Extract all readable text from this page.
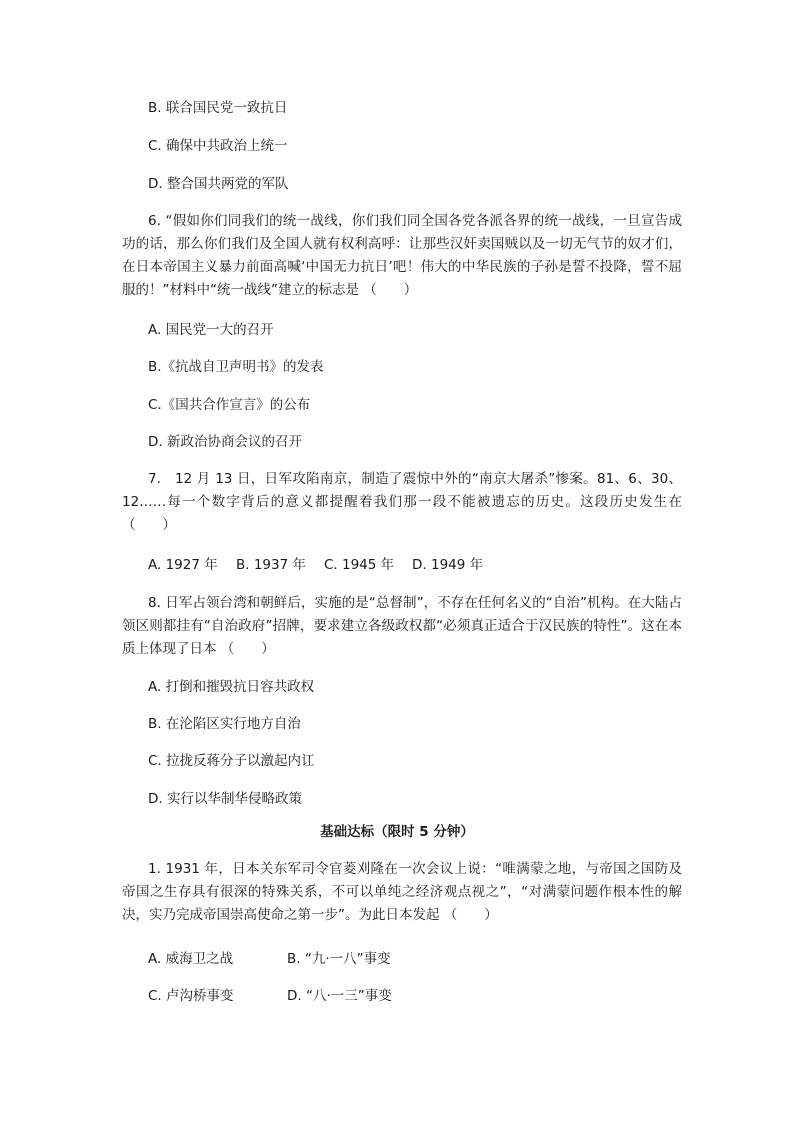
B. 联合国民党一致抗日
C. 确保中共政治上统一
D. 整合国共两党的军队
6. “假如你们同我们的统一战线，你们我们同全国各党各派各界的统一战线，一旦宣告成功的话，那么你们我们及全国人就有权利高呼：让那些汉奸卖国贼以及一切无气节的奴才们，在日本帝国主义暴力前面高喊‘中国无力抗日’吧！伟大的中华民族的子孙是誓不投降，誓不屈服的！”材料中“统一战线”建立的标志是 （　　）
A. 国民党一大的召开
B.《抗战自卫声明书》的发表
C.《国共合作宣言》的公布
D. 新政治协商会议的召开
7.　12 月 13 日，日军攻陷南京，制造了震惊中外的“南京大屠杀”惨案。81、6、30、12……每一个数字背后的意义都提醒着我们那一段不能被遗忘的历史。这段历史发生在 （　　）
A. 1927 年	B. 1937 年	C. 1945 年	D. 1949 年
8. 日军占领台湾和朝鲜后，实施的是“总督制”，不存在任何名义的“自治”机构。在大陆占领区则都挂有“自治政府”招牌，要求建立各级政权都“必须真正适合于汉民族的特性”。这在本质上体现了日本 （　　）
A. 打倒和摧毁抗日容共政权
B. 在沦陷区实行地方自治
C. 拉拢反蒋分子以激起内讧
D. 实行以华制华侵略政策
基础达标（限时 5 分钟）
1. 1931 年，日本关东军司令官菱刈隆在一次会议上说：“唯满蒙之地，与帝国之国防及帝国之生存具有很深的特殊关系，不可以单纯之经济观点视之”，“对满蒙问题作根本性的解决，实乃完成帝国崇高使命之第一步”。为此日本发起 （　　）
A. 威海卫之战	B. “九·一八”事变
C. 卢沟桥事变	D. “八·一三”事变
